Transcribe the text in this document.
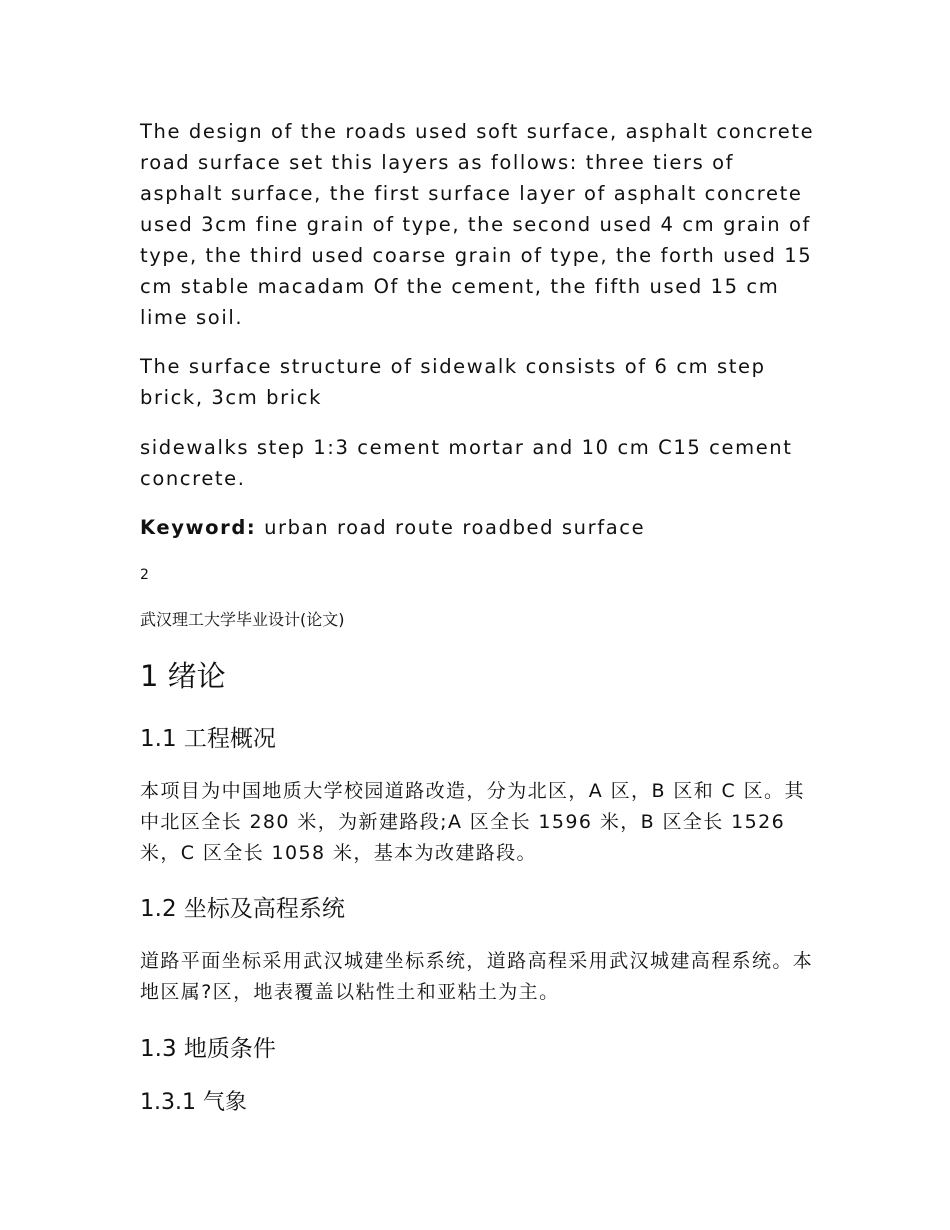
The design of the roads used soft surface, asphalt concrete road surface set this layers as follows: three tiers of asphalt surface, the first surface layer of asphalt concrete used 3cm fine grain of type, the second used 4 cm grain of type, the third used coarse grain of type, the forth used 15 cm stable macadam Of the cement, the fifth used 15 cm lime soil.

The surface structure of sidewalk consists of 6 cm step brick, 3cm brick

sidewalks step 1:3 cement mortar and 10 cm C15 cement concrete.

Keyword: urban road route roadbed surface

2

武汉理工大学毕业设计(论文)

1 绪论
1.1 工程概况

本项目为中国地质大学校园道路改造，分为北区，A 区，B 区和 C 区。其中北区全长 280 米，为新建路段;A 区全长 1596 米，B 区全长 1526 米，C 区全长 1058 米，基本为改建路段。

1.2 坐标及高程系统

道路平面坐标采用武汉城建坐标系统，道路高程采用武汉城建高程系统。本地区属?区，地表覆盖以粘性土和亚粘土为主。

1.3 地质条件
1.3.1 气象
